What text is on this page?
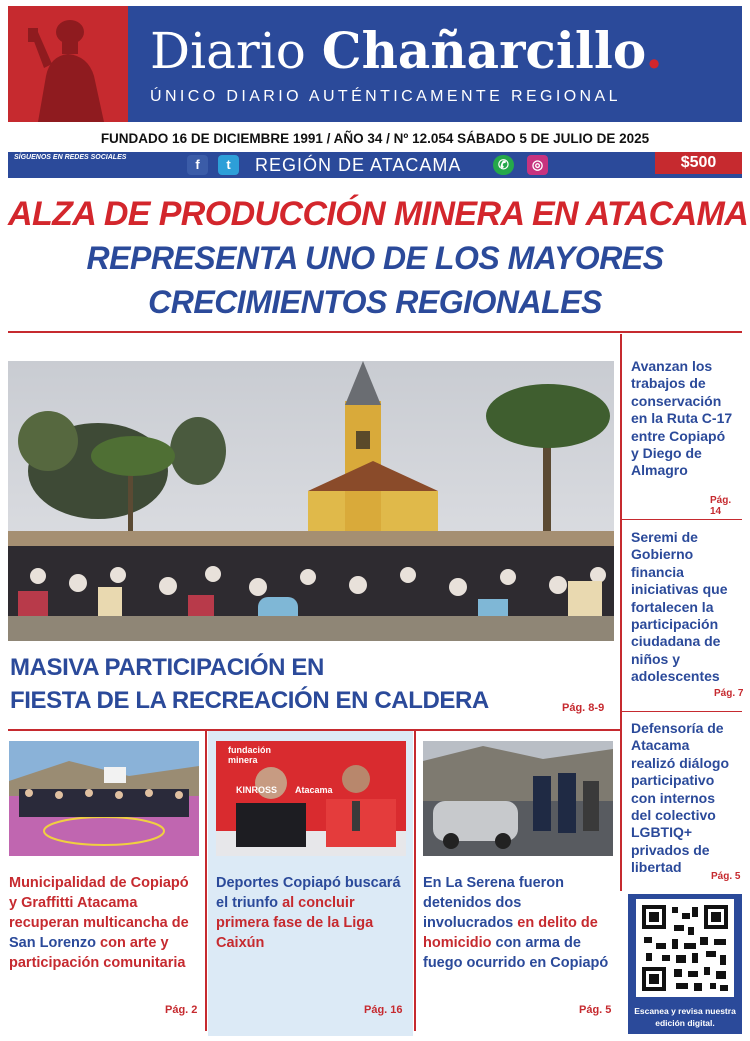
Diario Chañarcillo.
ÚNICO DIARIO AUTÉNTICAMENTE REGIONAL
FUNDADO 16 DE DICIEMBRE 1991 / AÑO 34 / Nº 12.054 SÁBADO 5 DE JULIO DE 2025
SÍGUENOS EN REDES SOCIALES	f	t	REGIÓN DE ATACAMA	✆	◎	$500
ALZA DE PRODUCCIÓN MINERA EN ATACAMA
REPRESENTA UNO DE LOS MAYORES
CRECIMIENTOS REGIONALES
MASIVA PARTICIPACIÓN EN
FIESTA DE LA RECREACIÓN EN CALDERA	Pág. 8-9
Avanzan los trabajos de conservación en la Ruta C-17 entre Copiapó y Diego de Almagro
Pág. 14
Seremi de Gobierno financia iniciativas que fortalecen la participación ciudadana de niños y adolescentes
Pág. 7
Defensoría de Atacama realizó diálogo participativo con internos del colectivo LGBTIQ+ privados de libertad
Pág. 5
Municipalidad de Copiapó y Graffitti Atacama recuperan multicancha de San Lorenzo con arte y participación comunitaria
Pág. 2
fundación minera
KINROSS Atacama
Deportes Copiapó buscará el triunfo al concluir primera fase de la Liga Caixún
Pág. 16
En La Serena fueron detenidos dos involucrados en delito de homicidio con arma de fuego ocurrido en Copiapó
Pág. 5	Escanea y revisa nuestra edición digital.
